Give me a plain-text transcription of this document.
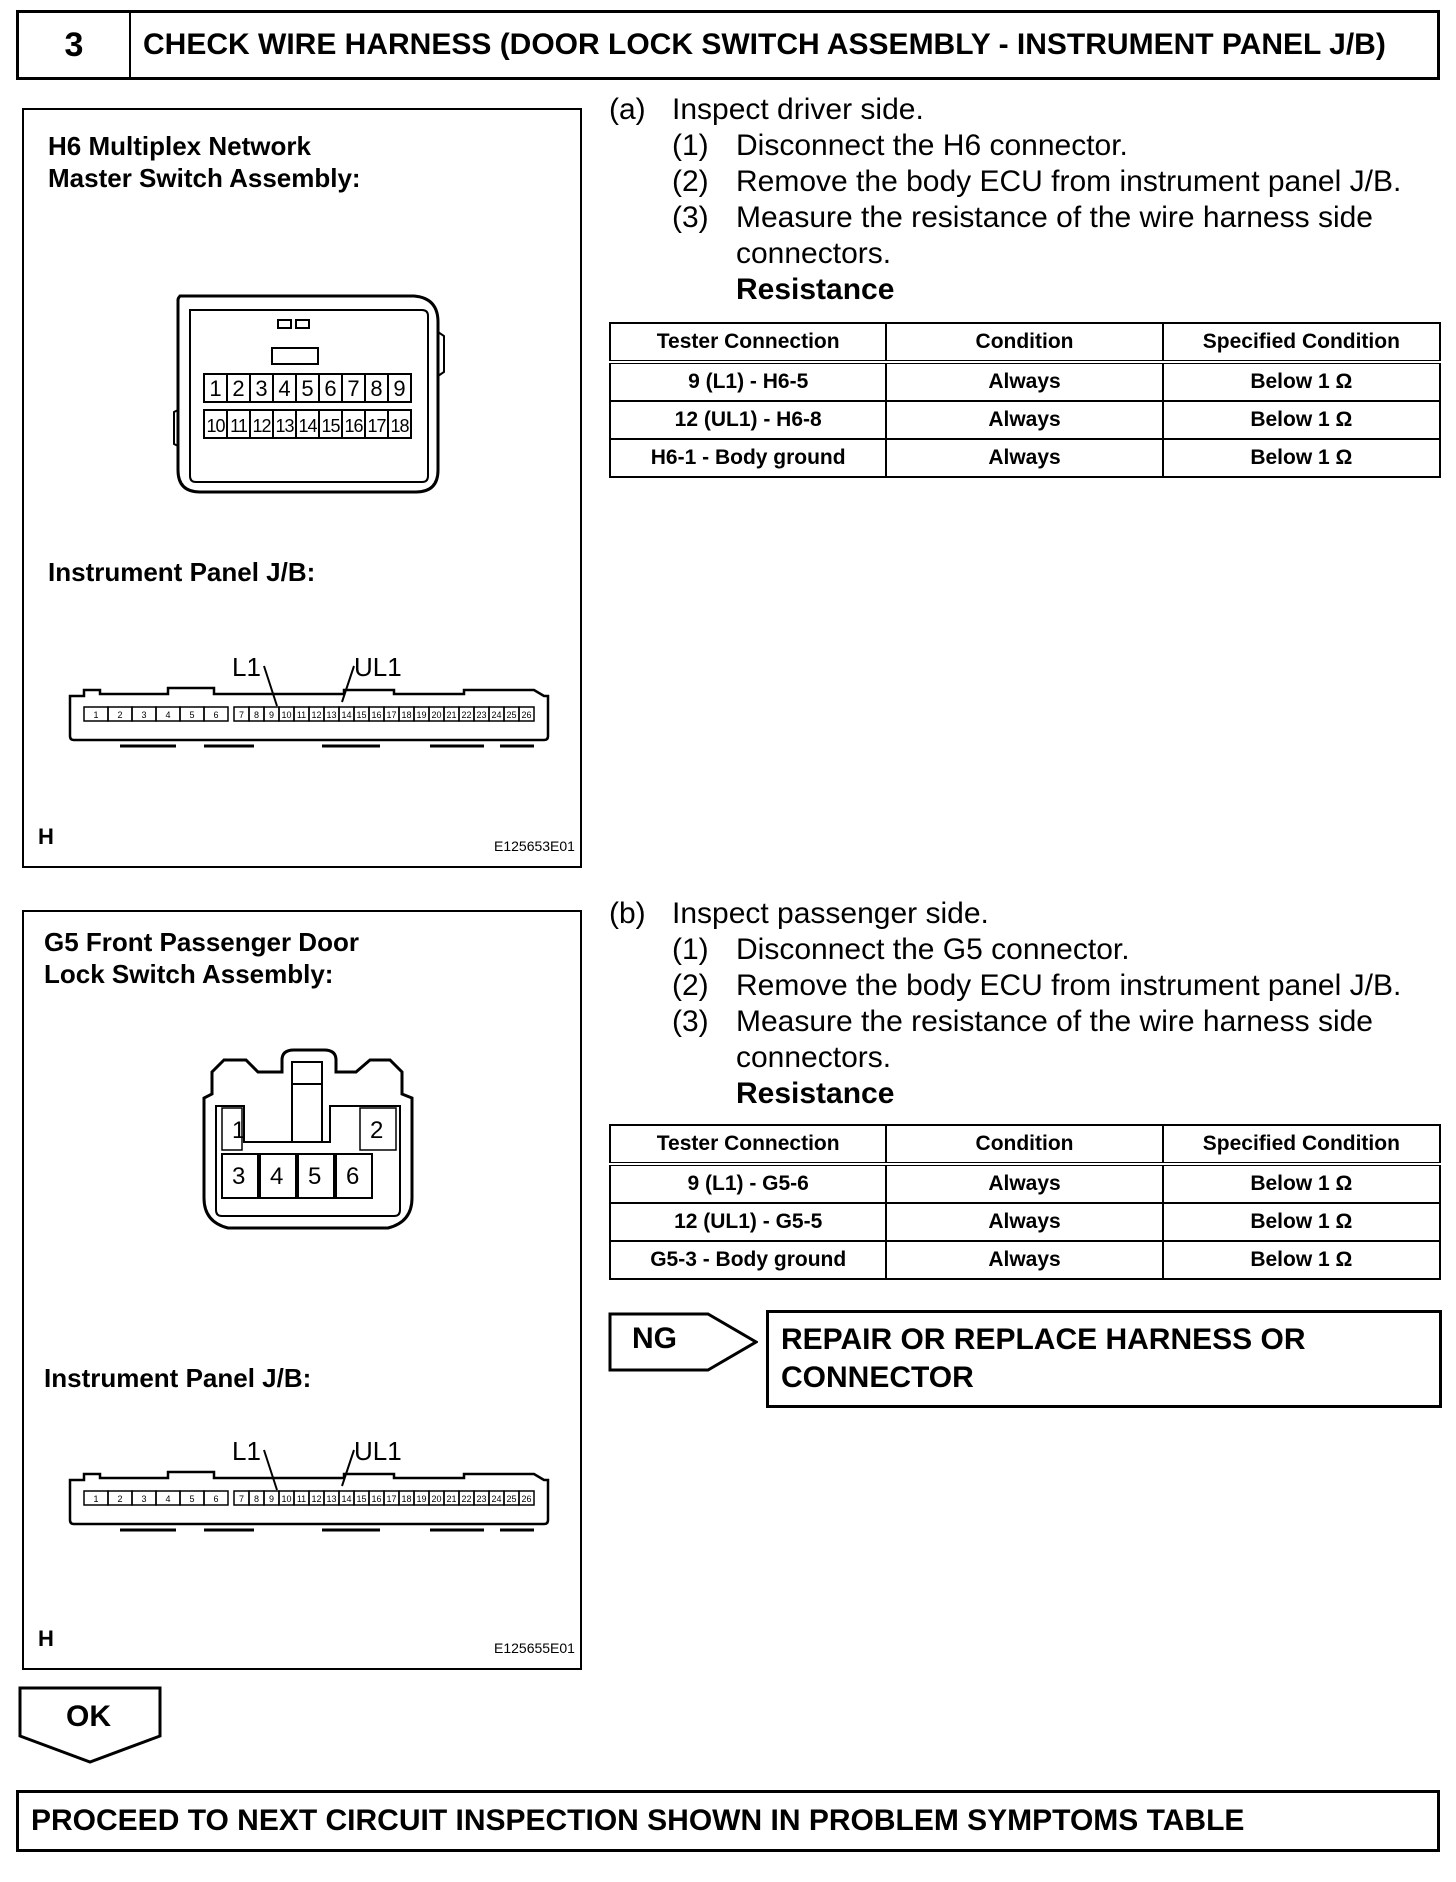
3	CHECK WIRE HARNESS (DOOR LOCK SWITCH ASSEMBLY - INSTRUMENT PANEL J/B)
H6 Multiplex Network
Master Switch Assembly:
1 2 3 4 5 6 7 8 9
10 11 12 13 14 15 16 17 18
Instrument Panel J/B:
L1	UL1
1 2 3 4 5 6 7 8 9 10 11 12 13 14 15 16 17 18 19 20 21 22 23 24 25 26
H	E125653E01
(a) Inspect driver side.
(1) Disconnect the H6 connector.
(2) Remove the body ECU from instrument panel J/B.
(3) Measure the resistance of the wire harness side
connectors.
Resistance
Tester Connection	Condition	Specified Condition
9 (L1) - H6-5	Always	Below 1 Ω
12 (UL1) - H6-8	Always	Below 1 Ω
H6-1 - Body ground	Always	Below 1 Ω
G5 Front Passenger Door
Lock Switch Assembly:
1	2
3 4 5 6
Instrument Panel J/B:
L1	UL1
1 2 3 4 5 6 7 8 9 10 11 12 13 14 15 16 17 18 19 20 21 22 23 24 25 26
H	E125655E01
(b) Inspect passenger side.
(1) Disconnect the G5 connector.
(2) Remove the body ECU from instrument panel J/B.
(3) Measure the resistance of the wire harness side
connectors.
Resistance
Tester Connection	Condition	Specified Condition
9 (L1) - G5-6	Always	Below 1 Ω
12 (UL1) - G5-5	Always	Below 1 Ω
G5-3 - Body ground	Always	Below 1 Ω
NG	REPAIR OR REPLACE HARNESS OR
CONNECTOR
OK
PROCEED TO NEXT CIRCUIT INSPECTION SHOWN IN PROBLEM SYMPTOMS TABLE
